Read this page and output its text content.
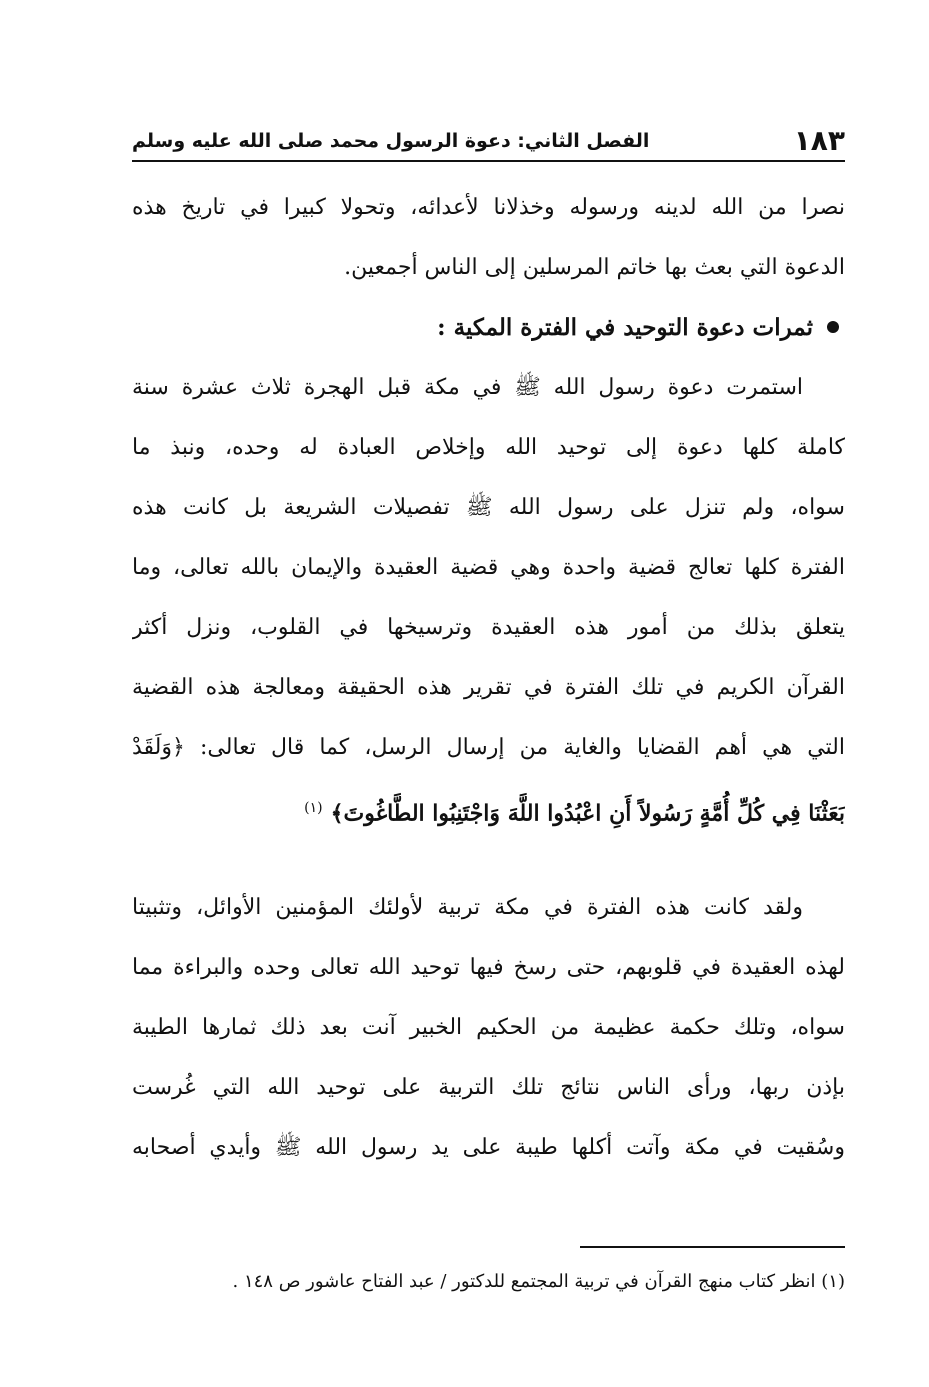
١٨٣
الفصل الثاني: دعوة الرسول محمد صلى الله عليه وسلم
نصرا من الله لدينه ورسوله وخذلانا لأعدائه، وتحولا كبيرا في تاريخ هذه
الدعوة التي بعث بها خاتم المرسلين إلى الناس أجمعين.
ثمرات دعوة التوحيد في الفترة المكية :
استمرت دعوة رسول الله ﷺ في مكة قبل الهجرة ثلاث عشرة سنة
كاملة كلها دعوة إلى توحيد الله وإخلاص العبادة له وحده، ونبذ ما
سواه، ولم تنزل على رسول الله ﷺ تفصيلات الشريعة بل كانت هذه
الفترة كلها تعالج قضية واحدة وهي قضية العقيدة والإيمان بالله تعالى، وما
يتعلق بذلك من أمور هذه العقيدة وترسيخها في القلوب، ونزل أكثر
القرآن الكريم في تلك الفترة في تقرير هذه الحقيقة ومعالجة هذه القضية
التي هي أهم القضايا والغاية من إرسال الرسل، كما قال تعالى: ﴿وَلَقَدْ
بَعَثْنَا فِي كُلِّ أُمَّةٍ رَسُولاً أَنِ اعْبُدُوا اللَّهَ وَاجْتَنِبُوا الطَّاغُوتَ﴾$^{(١)}$
ولقد كانت هذه الفترة في مكة تربية لأولئك المؤمنين الأوائل، وتثبيتا
لهذه العقيدة في قلوبهم، حتى رسخ فيها توحيد الله تعالى وحده والبراءة مما
سواه، وتلك حكمة عظيمة من الحكيم الخبير آنت بعد ذلك ثمارها الطيبة
بإذن ربها، ورأى الناس نتائج تلك التربية على توحيد الله التي غُرست
وسُقيت في مكة وآتت أكلها طيبة على يد رسول الله ﷺ وأيدي أصحابه
(١) انظر كتاب منهج القرآن في تربية المجتمع للدكتور / عبد الفتاح عاشور ص ١٤٨ .
